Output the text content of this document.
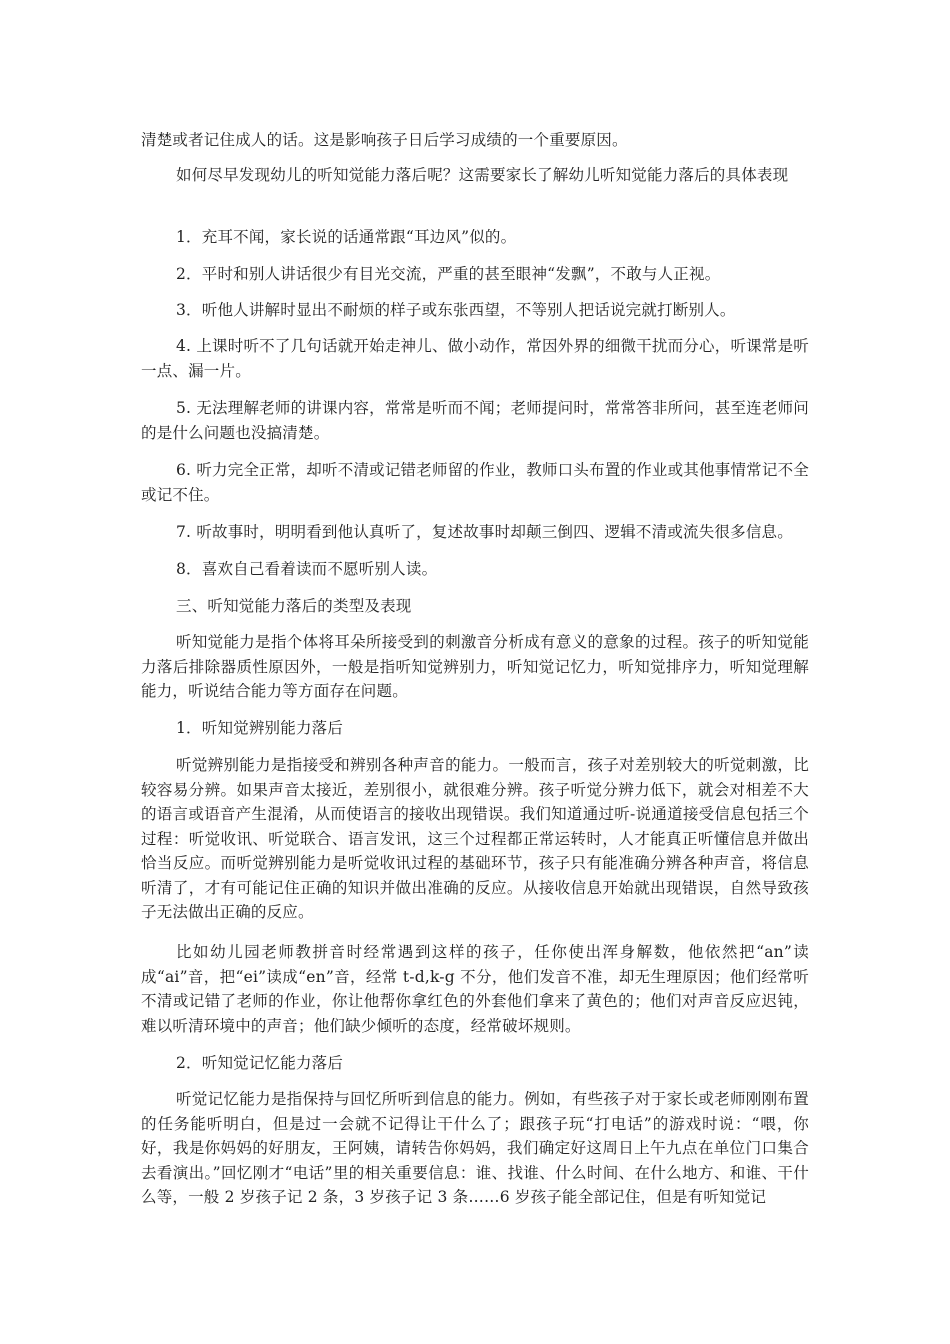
清楚或者记住成人的话。这是影响孩子日后学习成绩的一个重要原因。

如何尽早发现幼儿的听知觉能力落后呢？这需要家长了解幼儿听知觉能力落后的具体表现

1．充耳不闻，家长说的话通常跟“耳边风”似的。

2．平时和别人讲话很少有目光交流，严重的甚至眼神“发飘”，不敢与人正视。

3．听他人讲解时显出不耐烦的样子或东张西望，不等别人把话说完就打断别人。

4. 上课时听不了几句话就开始走神儿、做小动作，常因外界的细微干扰而分心，听课常是听一点、漏一片。

5. 无法理解老师的讲课内容，常常是听而不闻；老师提问时，常常答非所问，甚至连老师问的是什么问题也没搞清楚。

6. 听力完全正常，却听不清或记错老师留的作业，教师口头布置的作业或其他事情常记不全或记不住。

7. 听故事时，明明看到他认真听了，复述故事时却颠三倒四、逻辑不清或流失很多信息。

8．喜欢自己看着读而不愿听别人读。

三、听知觉能力落后的类型及表现

听知觉能力是指个体将耳朵所接受到的刺激音分析成有意义的意象的过程。孩子的听知觉能力落后排除器质性原因外，一般是指听知觉辨别力，听知觉记忆力，听知觉排序力，听知觉理解能力，听说结合能力等方面存在问题。

1．听知觉辨别能力落后

听觉辨别能力是指接受和辨别各种声音的能力。一般而言，孩子对差别较大的听觉刺激，比较容易分辨。如果声音太接近，差别很小，就很难分辨。孩子听觉分辨力低下，就会对相差不大的语言或语音产生混淆，从而使语言的接收出现错误。我们知道通过听-说通道接受信息包括三个过程：听觉收讯、听觉联合、语言发讯，这三个过程都正常运转时，人才能真正听懂信息并做出恰当反应。而听觉辨别能力是听觉收讯过程的基础环节，孩子只有能准确分辨各种声音，将信息听清了，才有可能记住正确的知识并做出准确的反应。从接收信息开始就出现错误，自然导致孩子无法做出正确的反应。

比如幼儿园老师教拼音时经常遇到这样的孩子，任你使出浑身解数，他依然把“an”读成“ai”音，把“ei”读成“en”音，经常 t-d,k-g 不分，他们发音不准，却无生理原因；他们经常听不清或记错了老师的作业，你让他帮你拿红色的外套他们拿来了黄色的；他们对声音反应迟钝，难以听清环境中的声音；他们缺少倾听的态度，经常破坏规则。

2．听知觉记忆能力落后

听觉记忆能力是指保持与回忆所听到信息的能力。例如，有些孩子对于家长或老师刚刚布置的任务能听明白，但是过一会就不记得让干什么了；跟孩子玩“打电话”的游戏时说：“喂，你好，我是你妈妈的好朋友，王阿姨，请转告你妈妈，我们确定好这周日上午九点在单位门口集合去看演出。”回忆刚才“电话”里的相关重要信息：谁、找谁、什么时间、在什么地方、和谁、干什么等，一般 2 岁孩子记 2 条，3 岁孩子记 3 条……6 岁孩子能全部记住，但是有听知觉记
